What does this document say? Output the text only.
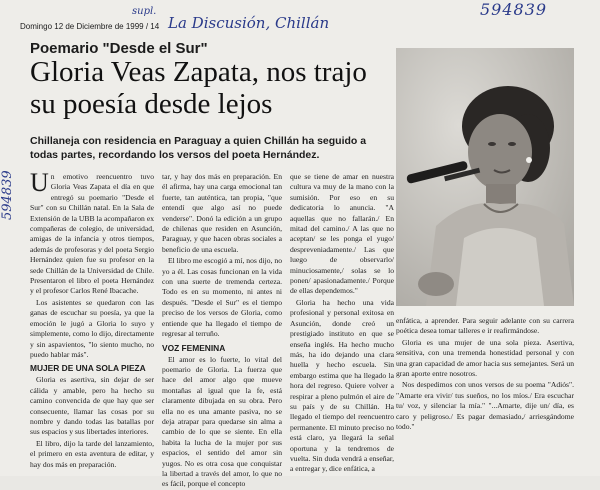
594839
supl.
La Discusión, Chillán
Domingo 12 de Diciembre de 1999 / 14
594839
Poemario "Desde el Sur"
Gloria Veas Zapata, nos trajo su poesía desde lejos
Chillaneja con residencia en Paraguay a quien Chillán ha seguido a todas partes, recordando los versos del poeta Hernández.
U n emotivo reencuentro tuvo Gloria Veas Zapata el día en que entregó su poemario "Desde el Sur" con su Chillán natal. En la Sala de Extensión de la UBB la acompañaron ex compañeras de colegio, de universidad, amigas de la infancia y otros tiempos, además de profesoras y del poeta Sergio Hernández quien fue su profesor en la sede Chillán de la Universidad de Chile. Presentaron el libro el poeta Hernández y el profesor Carlos René Ibacache.

Los asistentes se quedaron con las ganas de escuchar su poesía, ya que la emoción le jugó a Gloria lo suyo y simplemente, como lo dijo, directamente y sin aspavientos, "lo siento mucho, no puedo hablar más".

MUJER DE UNA SOLA PIEZA

Gloria es asertiva, sin dejar de ser cálida y amable, pero ha hecho su camino convencida de que hay que ser consecuente, llamar las cosas por su nombre y dando todas las batallas por sus espacios y sus libertades interiores.

El libro, dijo la tarde del lanzamiento, el primero en esta aventura de editar, y hay dos más en preparación.

tar, y hay dos más en preparación. En él afirma, hay una carga emocional tan fuerte, tan auténtica, tan propia, "que entendí que algo así no puede venderse". Donó la edición a un grupo de chilenas que residen en Asunción, Paraguay, y que hacen obras sociales a beneficio de una escuela.

El libro me escogió a mí, nos dijo, no yo a él. Las cosas funcionan en la vida con una suerte de tremenda certeza. Todo es en su momento, ni antes ni después. "Desde el Sur" es el tiempo preciso de los versos de Gloria, como entiende que ha llegado el tiempo de regresar al terruño.

VOZ FEMENINA

El amor es lo fuerte, lo vital del poemario de Gloria. La fuerza que hace del amor algo que mueve montañas al igual que la fe, está claramente dibujada en su obra. Pero ella no es una amante pasiva, no se deja atrapar para quedarse sin alma a cambio de lo que se siente. En ella habita la lucha de la mujer por sus espacios, el sentido del amor sin yugos. No es otra cosa que conquistar la libertad a través del amor, lo que no es fácil, porque el concepto

que se tiene de amar en nuestra cultura va muy de la mano con la sumisión. Por eso en su dedicatoria lo anuncia. "A aquellas que no fallarán./ En mitad del camino./ A las que no aceptan/ se les ponga el yugo/ despreveniadamente./ Las que luego de observarlo/ minuciosamente,/ solas se lo ponen/ apasionadamente./ Porque de ellas dependemos."

Gloria ha hecho una vida profesional y personal exitosa en Asunción, donde creó un prestigiado instituto en que se enseña inglés. Ha hecho mucho más, ha ido dejando una clara huella y hecho escuela. Sin embargo estima que ha llegado la hora del regreso. Quiere volver a respirar a pleno pulmón el aire de su país y de su Chillán. Ha llegado el tiempo del reencuentro permanente. El minuto preciso no está claro, ya llegará la señal oportuna y la tendremos de vuelta. Sin duda vendrá a enseñar, a entregar y, dice enfática, a

enfática, a aprender. Para seguir adelante con su carrera poética desea tomar talleres e ir reafirmándose.

Gloria es una mujer de una sola pieza. Asertiva, sensitiva, con una tremenda honestidad personal y con una gran capacidad de amor hacia sus semejantes. Será un gran aporte entre nosotros.

Nos despedimos con unos versos de su poema "Adiós". "Amarte era vivir/ tus sueños, no los míos./ Era escuchar tu/ voz, y silenciar la mía." "...Amarte, dije un/ día, es caro y peligroso./ Es pagar demasiado,/ arriesgándome todo."
